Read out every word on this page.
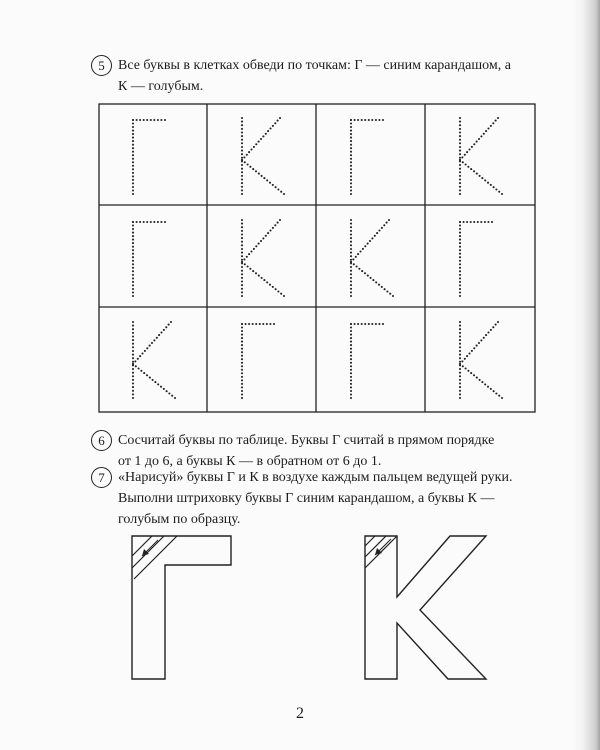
5 Все буквы в клетках обведи по точкам: Г — синим карандашом, а
К — голубым.
6 Сосчитай буквы по таблице. Буквы Г считай в прямом порядке
от 1 до 6, а буквы К — в обратном от 6 до 1.
7 «Нарисуй» буквы Г и К в воздухе каждым пальцем ведущей руки.
Выполни штриховку буквы Г синим карандашом, а буквы К —
голубым по образцу.
2
